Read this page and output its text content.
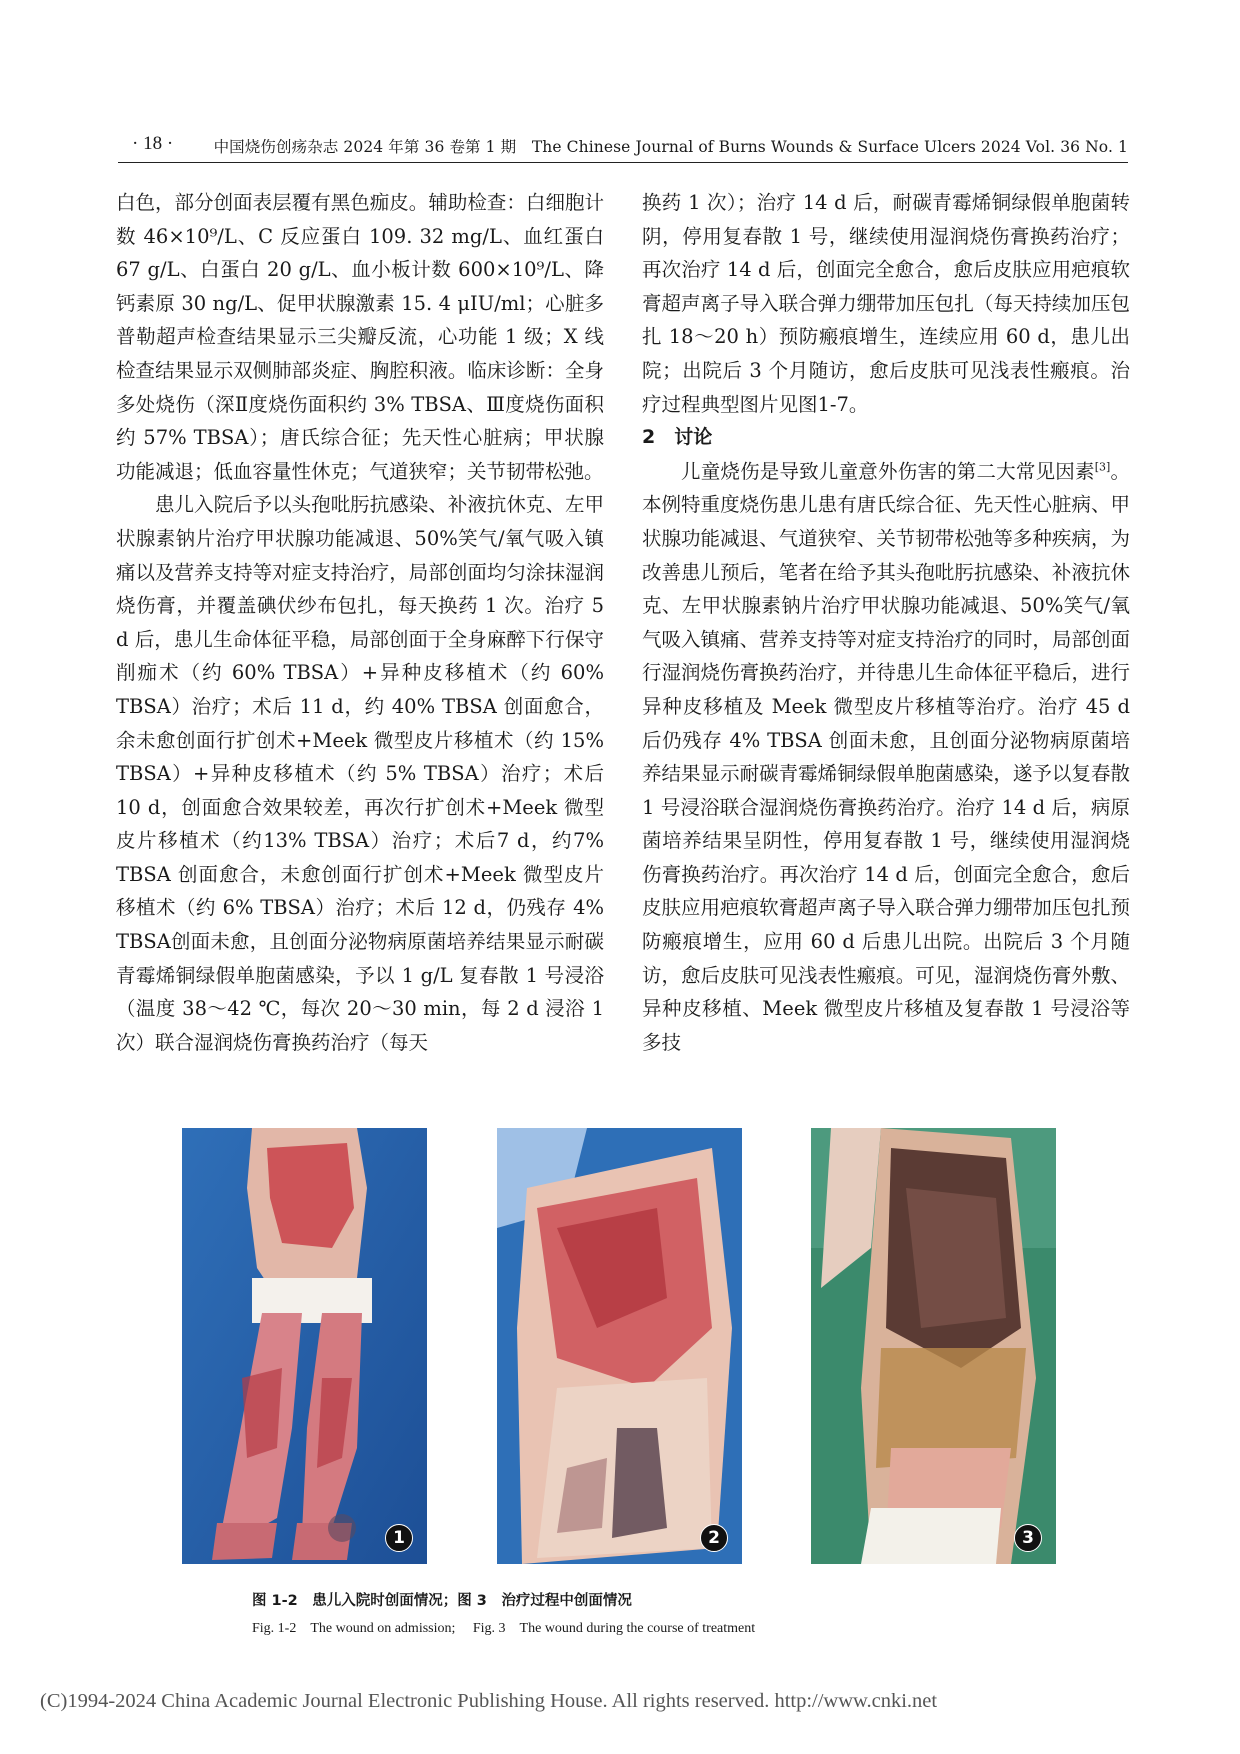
· 18 ·	中国烧伤创疡杂志 2024 年第 36 卷第 1 期　The Chinese Journal of Burns Wounds & Surface Ulcers 2024 Vol. 36 No. 1

白色，部分创面表层覆有黑色痂皮。辅助检查：白细胞计数 46×10⁹/L、C 反应蛋白 109. 32 mg/L、血红蛋白 67 g/L、白蛋白 20 g/L、血小板计数 600×10⁹/L、降钙素原 30 ng/L、促甲状腺激素 15. 4 μIU/ml；心脏多普勒超声检查结果显示三尖瓣反流，心功能 1 级；X 线检查结果显示双侧肺部炎症、胸腔积液。临床诊断：全身多处烧伤（深Ⅱ度烧伤面积约 3% TBSA、Ⅲ度烧伤面积约 57% TBSA）；唐氏综合征；先天性心脏病；甲状腺功能减退；低血容量性休克；气道狭窄；关节韧带松弛。

患儿入院后予以头孢吡肟抗感染、补液抗休克、左甲状腺素钠片治疗甲状腺功能减退、50%笑气/氧气吸入镇痛以及营养支持等对症支持治疗，局部创面均匀涂抹湿润烧伤膏，并覆盖碘伏纱布包扎，每天换药 1 次。治疗 5 d 后，患儿生命体征平稳，局部创面于全身麻醉下行保守削痂术（约 60% TBSA）+异种皮移植术（约 60% TBSA）治疗；术后 11 d，约 40% TBSA 创面愈合，余未愈创面行扩创术+Meek 微型皮片移植术（约 15% TBSA）+异种皮移植术（约 5% TBSA）治疗；术后 10 d，创面愈合效果较差，再次行扩创术+Meek 微型皮片移植术（约13% TBSA）治疗；术后7 d，约7% TBSA 创面愈合，未愈创面行扩创术+Meek 微型皮片移植术（约 6% TBSA）治疗；术后 12 d，仍残存 4% TBSA创面未愈，且创面分泌物病原菌培养结果显示耐碳青霉烯铜绿假单胞菌感染，予以 1 g/L 复春散 1 号浸浴（温度 38～42 ℃，每次 20～30 min，每 2 d 浸浴 1 次）联合湿润烧伤膏换药治疗（每天

换药 1 次）；治疗 14 d 后，耐碳青霉烯铜绿假单胞菌转阴，停用复春散 1 号，继续使用湿润烧伤膏换药治疗；再次治疗 14 d 后，创面完全愈合，愈后皮肤应用疤痕软膏超声离子导入联合弹力绷带加压包扎（每天持续加压包扎 18～20 h）预防瘢痕增生，连续应用 60 d，患儿出院；出院后 3 个月随访，愈后皮肤可见浅表性瘢痕。治疗过程典型图片见图1-7。

2　讨论

儿童烧伤是导致儿童意外伤害的第二大常见因素[3]。本例特重度烧伤患儿患有唐氏综合征、先天性心脏病、甲状腺功能减退、气道狭窄、关节韧带松弛等多种疾病，为改善患儿预后，笔者在给予其头孢吡肟抗感染、补液抗休克、左甲状腺素钠片治疗甲状腺功能减退、50%笑气/氧气吸入镇痛、营养支持等对症支持治疗的同时，局部创面行湿润烧伤膏换药治疗，并待患儿生命体征平稳后，进行异种皮移植及 Meek 微型皮片移植等治疗。治疗 45 d 后仍残存 4% TBSA 创面未愈，且创面分泌物病原菌培养结果显示耐碳青霉烯铜绿假单胞菌感染，遂予以复春散 1 号浸浴联合湿润烧伤膏换药治疗。治疗 14 d 后，病原菌培养结果呈阴性，停用复春散 1 号，继续使用湿润烧伤膏换药治疗。再次治疗 14 d 后，创面完全愈合，愈后皮肤应用疤痕软膏超声离子导入联合弹力绷带加压包扎预防瘢痕增生，应用 60 d 后患儿出院。出院后 3 个月随访，愈后皮肤可见浅表性瘢痕。可见，湿润烧伤膏外敷、异种皮移植、Meek 微型皮片移植及复春散 1 号浸浴等多技

1	2	3
图 1-2　患儿入院时创面情况；图 3　治疗过程中创面情况
Fig. 1-2　The wound on admission;　 Fig. 3　The wound during the course of treatment
(C)1994-2024 China Academic Journal Electronic Publishing House. All rights reserved. http://www.cnki.net
